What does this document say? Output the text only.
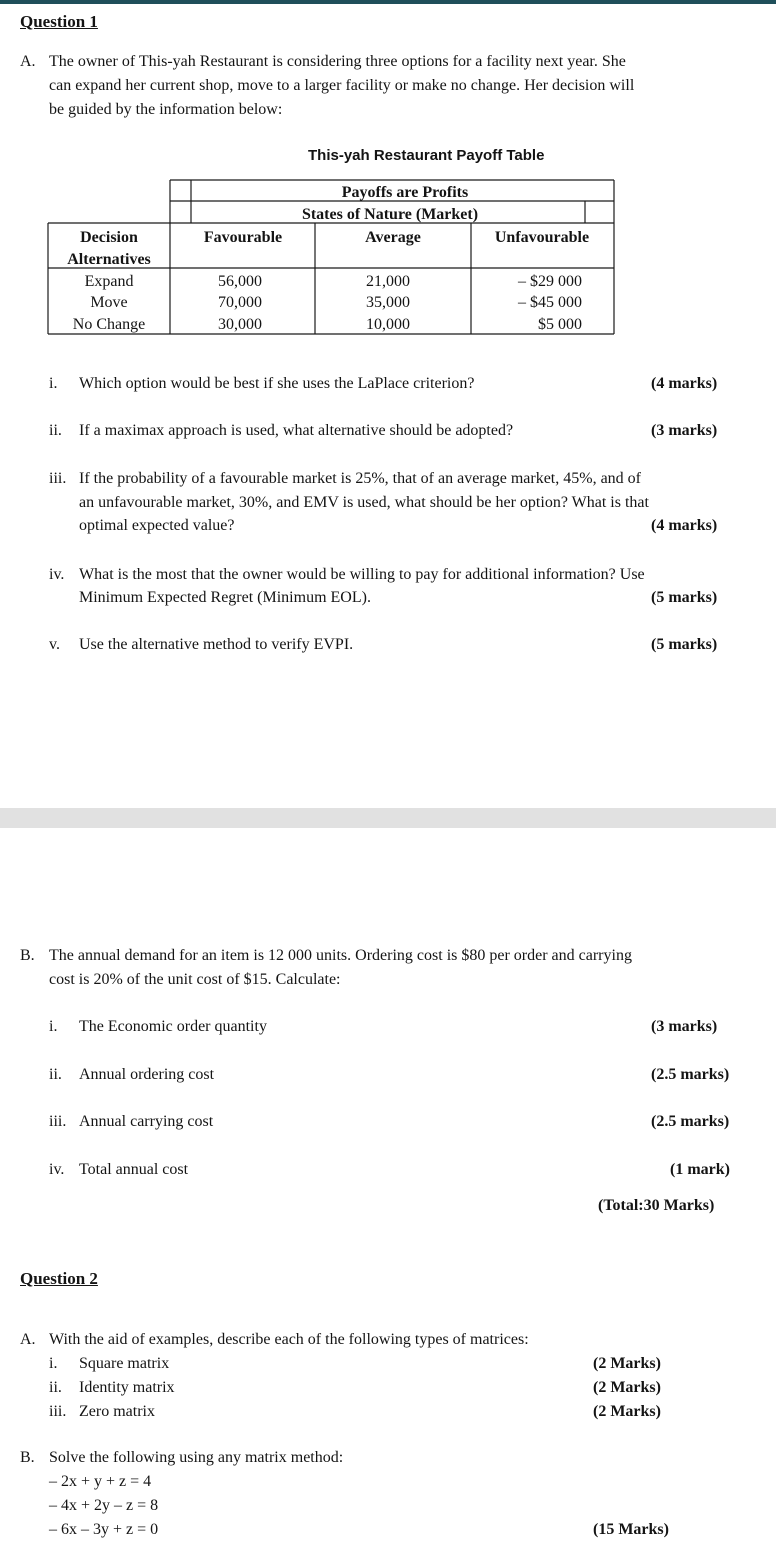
Question 1
A. The owner of This-yah Restaurant is considering three options for a facility next year. She
can expand her current shop, move to a larger facility or make no change. Her decision will
be guided by the information below:
This-yah Restaurant Payoff Table
Payoffs are Profits
States of Nature (Market)
Decision
Alternatives
Favourable	Average	Unfavourable
Expand	56,000	21,000	– $29 000
Move	70,000	35,000	– $45 000
No Change	30,000	10,000	$5 000
i. Which option would be best if she uses the LaPlace criterion?	(4 marks)
ii. If a maximax approach is used, what alternative should be adopted?	(3 marks)
iii. If the probability of a favourable market is 25%, that of an average market, 45%, and of
an unfavourable market, 30%, and EMV is used, what should be her option? What is that
optimal expected value?	(4 marks)
iv. What is the most that the owner would be willing to pay for additional information? Use
Minimum Expected Regret (Minimum EOL).	(5 marks)
v. Use the alternative method to verify EVPI.	(5 marks)
B. The annual demand for an item is 12 000 units. Ordering cost is $80 per order and carrying
cost is 20% of the unit cost of $15. Calculate:
i. The Economic order quantity	(3 marks)
ii. Annual ordering cost	(2.5 marks)
iii. Annual carrying cost	(2.5 marks)
iv. Total annual cost	(1 mark)
(Total:30 Marks)
Question 2
A. With the aid of examples, describe each of the following types of matrices:
i. Square matrix	(2 Marks)
ii. Identity matrix	(2 Marks)
iii. Zero matrix	(2 Marks)
B. Solve the following using any matrix method:
– 2x + y + z = 4
– 4x + 2y – z = 8
– 6x – 3y + z = 0	(15 Marks)
